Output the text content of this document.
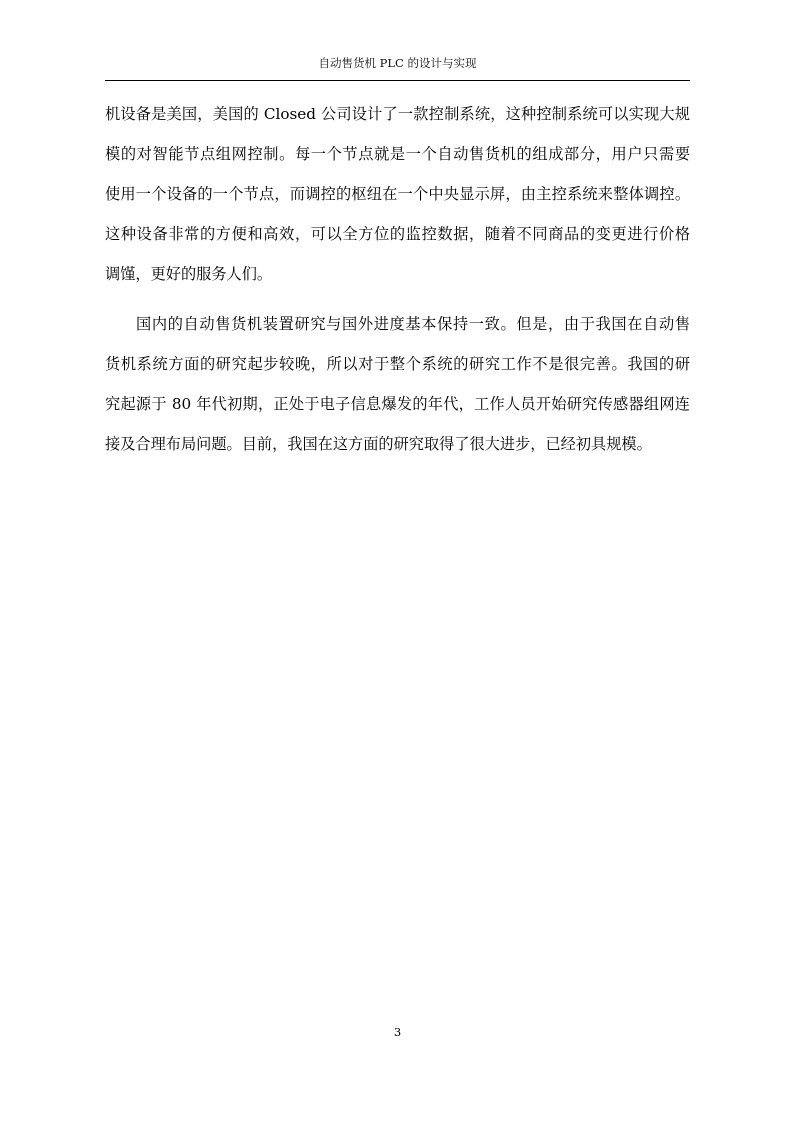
自动售货机 PLC 的设计与实现
机设备是美国，美国的 Closed 公司设计了一款控制系统，这种控制系统可以实现大规
模的对智能节点组网控制。每一个节点就是一个自动售货机的组成部分，用户只需要
使用一个设备的一个节点，而调控的枢纽在一个中央显示屏，由主控系统来整体调控。
这种设备非常的方便和高效，可以全方位的监控数据，随着不同商品的变更进行价格
调馑，更好的服务人们。
国内的自动售货机装置研究与国外进度基本保持一致。但是，由于我国在自动售
货机系统方面的研究起步较晚，所以对于整个系统的研究工作不是很完善。我国的研
究起源于 80 年代初期，正处于电子信息爆发的年代，工作人员开始研究传感器组网连
接及合理布局问题。目前，我国在这方面的研究取得了很大进步，已经初具规模。
3
